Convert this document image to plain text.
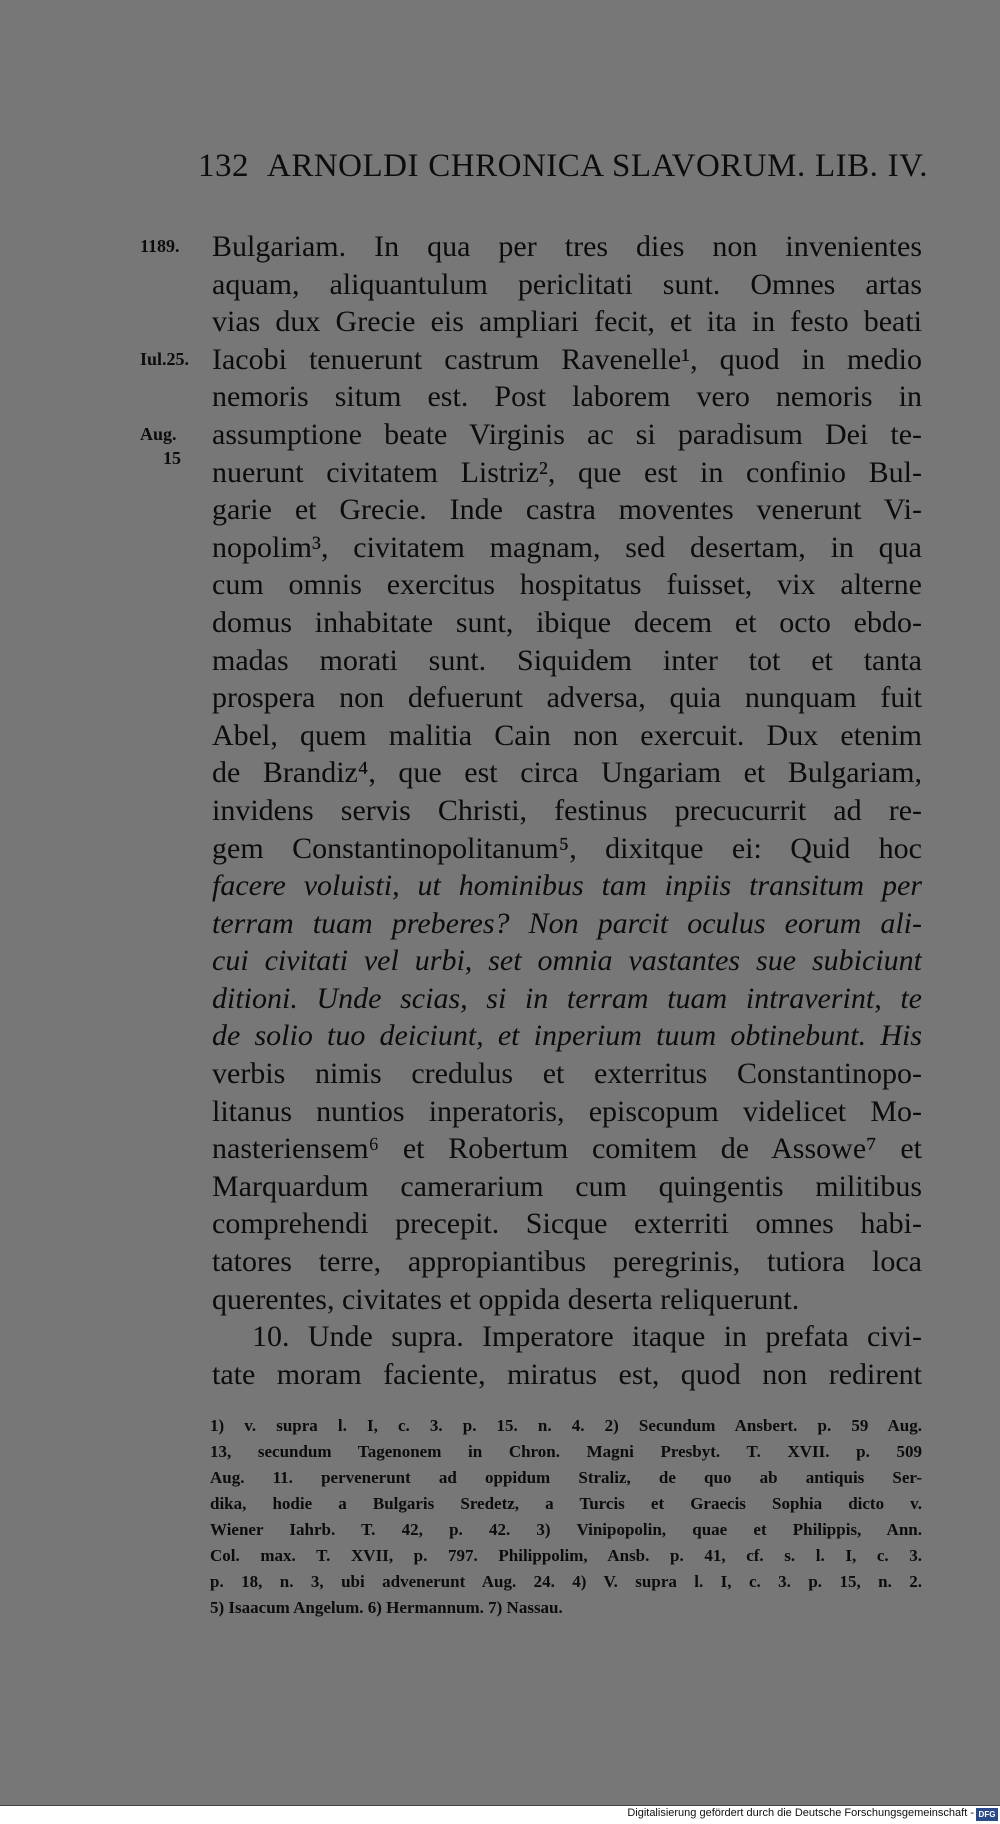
132 ARNOLDI CHRONICA SLAVORUM. LIB. IV.
1189.
Iul.25.
Aug.
15
Bulgariam. In qua per tres dies non invenientes
aquam, aliquantulum periclitati sunt. Omnes artas
vias dux Grecie eis ampliari fecit, et ita in festo beati
Iacobi tenuerunt castrum Ravenelle¹, quod in medio
nemoris situm est. Post laborem vero nemoris in
assumptione beate Virginis ac si paradisum Dei te-
nuerunt civitatem Listriz², que est in confinio Bul-
garie et Grecie. Inde castra moventes venerunt Vi-
nopolim³, civitatem magnam, sed desertam, in qua
cum omnis exercitus hospitatus fuisset, vix alterne
domus inhabitate sunt, ibique decem et octo ebdo-
madas morati sunt. Siquidem inter tot et tanta
prospera non defuerunt adversa, quia nunquam fuit
Abel, quem malitia Cain non exercuit. Dux etenim
de Brandiz⁴, que est circa Ungariam et Bulgariam,
invidens servis Christi, festinus precucurrit ad re-
gem Constantinopolitanum⁵, dixitque ei: Quid hoc
facere voluisti, ut hominibus tam inpiis transitum per
terram tuam preberes? Non parcit oculus eorum ali-
cui civitati vel urbi, set omnia vastantes sue subiciunt
ditioni. Unde scias, si in terram tuam intraverint, te
de solio tuo deiciunt, et inperium tuum obtinebunt. His
verbis nimis credulus et exterritus Constantinopo-
litanus nuntios inperatoris, episcopum videlicet Mo-
nasteriensem⁶ et Robertum comitem de Assowe⁷ et
Marquardum camerarium cum quingentis militibus
comprehendi precepit. Sicque exterriti omnes habi-
tatores terre, appropiantibus peregrinis, tutiora loca
querentes, civitates et oppida deserta reliquerunt.
10. Unde supra. Imperatore itaque in prefata civi-
tate moram faciente, miratus est, quod non redirent
1) v. supra l. I, c. 3. p. 15. n. 4. 2) Secundum Ansbert. p. 59 Aug.
13, secundum Tagenonem in Chron. Magni Presbyt. T. XVII. p. 509
Aug. 11. pervenerunt ad oppidum Straliz, de quo ab antiquis Ser-
dika, hodie a Bulgaris Sredetz, a Turcis et Graecis Sophia dicto v.
Wiener Iahrb. T. 42, p. 42. 3) Vinipopolin, quae et Philippis, Ann.
Col. max. T. XVII, p. 797. Philippolim, Ansb. p. 41, cf. s. l. I, c. 3.
p. 18, n. 3, ubi advenerunt Aug. 24. 4) V. supra l. I, c. 3. p. 15, n. 2.
5) Isaacum Angelum. 6) Hermannum. 7) Nassau.
Digitalisierung gefördert durch die Deutsche Forschungsgemeinschaft - DFG
